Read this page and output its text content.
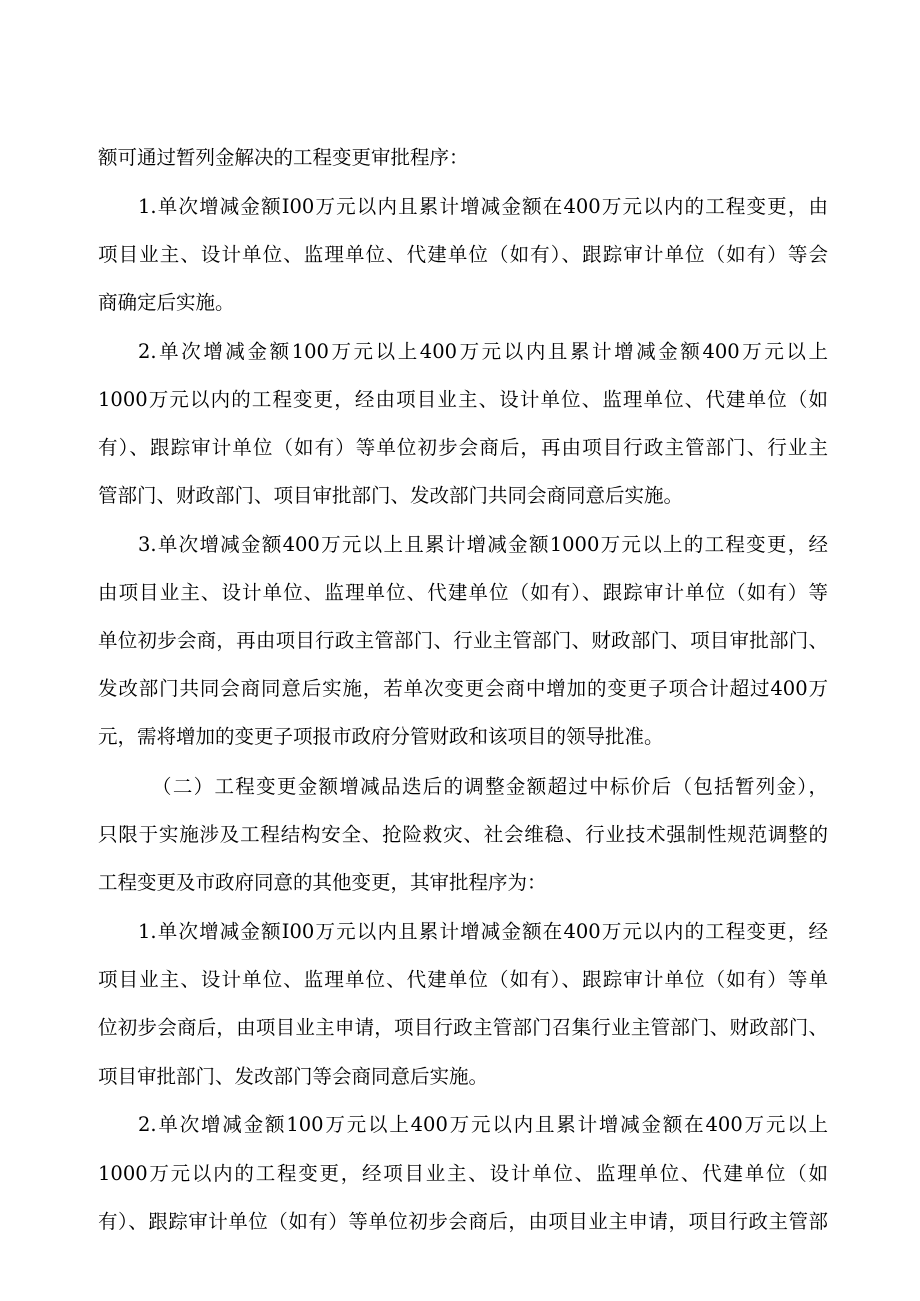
额可通过暂列金解决的工程变更审批程序：
1.单次增减金额I00万元以内且累计增减金额在400万元以内的工程变更，由
项目业主、设计单位、监理单位、代建单位（如有）、跟踪审计单位（如有）等会
商确定后实施。
2.单次增减金额100万元以上400万元以内且累计增减金额400万元以上
1000万元以内的工程变更，经由项目业主、设计单位、监理单位、代建单位（如
有）、跟踪审计单位（如有）等单位初步会商后，再由项目行政主管部门、行业主
管部门、财政部门、项目审批部门、发改部门共同会商同意后实施。
3.单次增减金额400万元以上且累计增减金额1000万元以上的工程变更，经
由项目业主、设计单位、监理单位、代建单位（如有）、跟踪审计单位（如有）等
单位初步会商，再由项目行政主管部门、行业主管部门、财政部门、项目审批部门、
发改部门共同会商同意后实施，若单次变更会商中增加的变更子项合计超过400万
元，需将增加的变更子项报市政府分管财政和该项目的领导批准。
（二）工程变更金额增减品迭后的调整金额超过中标价后（包括暂列金），
只限于实施涉及工程结构安全、抢险救灾、社会维稳、行业技术强制性规范调整的
工程变更及市政府同意的其他变更，其审批程序为：
1.单次增减金额I00万元以内且累计增减金额在400万元以内的工程变更，经
项目业主、设计单位、监理单位、代建单位（如有）、跟踪审计单位（如有）等单
位初步会商后，由项目业主申请，项目行政主管部门召集行业主管部门、财政部门、
项目审批部门、发改部门等会商同意后实施。
2.单次增减金额100万元以上400万元以内且累计增减金额在400万元以上
1000万元以内的工程变更，经项目业主、设计单位、监理单位、代建单位（如
有）、跟踪审计单位（如有）等单位初步会商后，由项目业主申请，项目行政主管部
